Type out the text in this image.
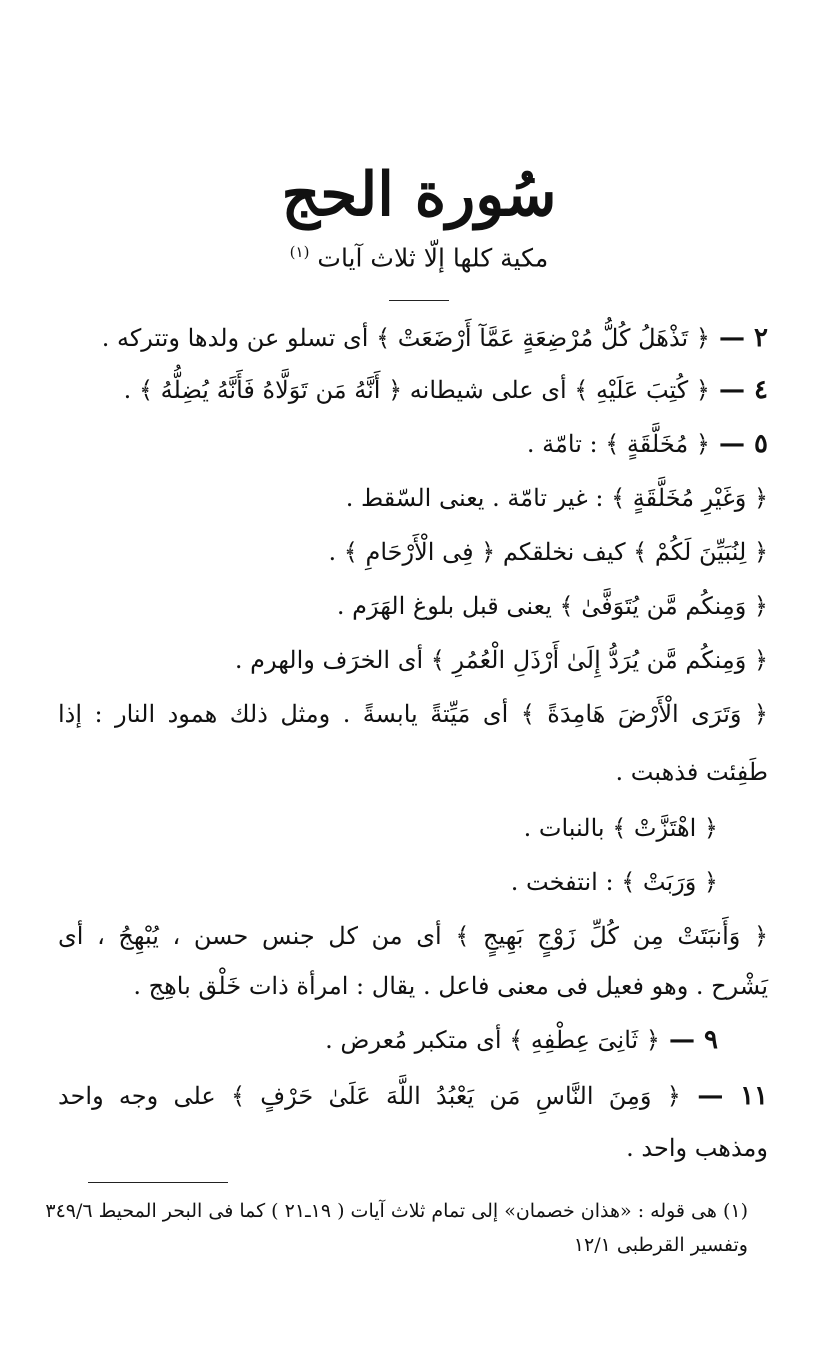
سُورة الحج
مكية كلها إلّا ثلاث آيات $^{(١)}$
٢ — ﴿ تَذْهَلُ كُلُّ مُرْضِعَةٍ عَمَّآ أَرْضَعَتْ ﴾ أى تسلو عن ولدها وتتركه .
٤ — ﴿ كُتِبَ عَلَيْهِ ﴾ أى على شيطانه ﴿ أَنَّهُ مَن تَوَلَّاهُ فَأَنَّهُ يُضِلُّهُ ﴾ .
٥ — ﴿ مُخَلَّقَةٍ ﴾ : تامّة .
﴿ وَغَيْرِ مُخَلَّقَةٍ ﴾ : غير تامّة . يعنى السّقط .
﴿ لِنُبَيِّنَ لَكُمْ ﴾ كيف نخلقكم ﴿ فِى الْأَرْحَامِ ﴾ .
﴿ وَمِنكُم مَّن يُتَوَفَّىٰ ﴾ يعنى قبل بلوغ الهَرَم .
﴿ وَمِنكُم مَّن يُرَدُّ إِلَىٰ أَرْذَلِ الْعُمُرِ ﴾ أى الخرَف والهرم .
﴿ وَتَرَى الْأَرْضَ هَامِدَةً ﴾ أى مَيِّتةً يابسةً . ومثل ذلك همود النار : إذا
طَفِئت فذهبت .
﴿ اهْتَزَّتْ ﴾ بالنبات .
﴿ وَرَبَتْ ﴾ : انتفخت .
﴿ وَأَنبَتَتْ مِن كُلِّ زَوْجٍ بَهِيجٍ ﴾ أى من كل جنس حسن ، يُبْهِجُ ، أى
يَشْرح . وهو فعيل فى معنى فاعل . يقال : امرأة ذات خَلْق باهِج .
٩ — ﴿ ثَانِىَ عِطْفِهِ ﴾ أى متكبر مُعرض .
١١ — ﴿ وَمِنَ النَّاسِ مَن يَعْبُدُ اللَّهَ عَلَىٰ حَرْفٍ ﴾ على وجه واحد
ومذهب واحد .
(١) هى قوله : «هذان خصمان» إلى تمام ثلاث آيات ( ١٩ـ٢١ ) كما فى البحر المحيط ٣٤٩/٦
وتفسير القرطبى ١٢/١
